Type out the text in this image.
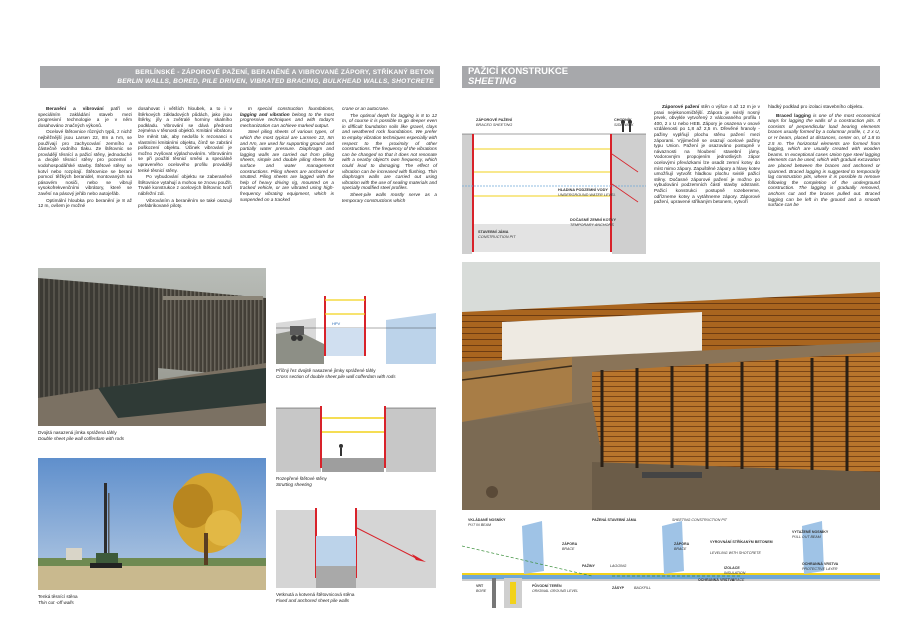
BERLÍNSKÉ - ZÁPOROVÉ PAŽENÍ, BERANĚNÉ A VIBROVANÉ ZÁPORY, STŘÍKANÝ BETON
BERLIN WALLS, BORED, PILE DRIVEN, VIBRATED BRACING, BULKHEAD WALLS, SHOTCRETE
PAŽICÍ KONSTRUKCE
SHEETING

Beranění a vibrování patří ve speciálním zakládání staveb mezi progresivní technologie a je v něm dosahováno značných výkonů.

Ocelové štětovnice různých typů, z nichž nejběžnější jsou Larsen 22, IIIn a IVn, se používají pro zachycování zemního a částečně vodního tlaku. Ze štětovnic se provádějí těsnící a pažicí stěny, jednoduché a dvojité těsnicí stěny pro pozemní i vodohospodářské stavby. Štětové stěny se kotví nebo rozpírají. Štětovnice se beraní pomocí těžkých beranidel, montovaných na pásovém nosiči, nebo se vibrují vysokofrekvenčními vibrátory, které se zavěsí na pásový jeřáb nebo autojeřáb.

Optimální hloubka pro beranění je 8 až 12 m, ovšem je možné

dosahovat i větších hloubek, a to i v štěrkových základových půdách, jako jsou štěrky, jíly a zvětralé horniny skalního podkladu. Vibrování se dává přednost zejména v těsnosti objektů. Kmitání vibrátoru lze měnit tak, aby nedošlo k rezonanci s vlastními kmitáními objektu, čímž se zabrání poškození objektu. Účinek vibrování je možno zvyšovat výplachováním. Vibrováním se při použití těsnicí směsi a speciálně upraveného ocelového profilu provádějí tenké těsnicí stěny.

Po vybudování objektu se zaberaněné štětovnice vytahují a mohou se znovu použít. Trvalé konstrukce z ocelových štětovnic tvoří nábřežní zdi.

Vibrováním a beraněním se také osazují prefabrikované piloty.

In special construction foundations, lagging and vibration belong to the most progressive techniques and with today's mechanization can achieve marked output.

Steel piling sheets of various types, of which the most typical are Larssen 22, IIIn and IVn, are used for supporting ground and partially water pressure. Diaphragm and lagging walls are carried out from piling sheets, simple and double piling sheets for surface and water management constructions. Piling sheets are anchored or strutted. Piling sheets are lagged with the help of heavy driving rig, mounted on a tracked vehicle, or are vibrated using high-frequency vibrating equipment, which is suspended on a tracked

crane or an autocrane.

The optimal depth for lagging is 8 to 12 m, of course it is possible to go deeper even in difficult foundation soils like gravel, clays and weathered rock foundations. We prefer to employ vibration techniques especially with respect to the proximity of other constructions. The frequency of the vibrations can be changed so that it does not resonate with a nearby object's own frequency, which could lead to damaging. The effect of vibration can be increased with flushing. Thin diaphragm walls are carried out using vibration with the use of sealing materials and specially modified steel profiles.

Sheet-pile walls mostly serve as a temporary constructions which

Dvojitá nasazená jímka sprážená táhly
Double sheet pile wall cofferdam with rods
Tenká těsnící stěna
Thin cut -off walls
HPV
Příčný řez dvojitě nasazené jímky sprážené táhly
Cross section of double sheet pile wall cofferdam with rods
Rozepřené štětové stěny
Strutting sheeting
Vetknutá a kotvená štětovnicová stěna
Fixed and anchored sheet pile walls
ZÁPOROVÉ PAŽENÍ
BRACED SHEETING
CHODNÍK
SIDEWALK
HLADINA PODZEMNÍ VODY
UNDERGROUND WATER LEVEL
DOČASNÉ ZEMNÍ KOTVY
TEMPORARY ANCHORS
STAVEBNÍ JÁMA
CONSTRUCTION PIT

Záporové pažení stěn o výšce 4 až 12 m je v praxi nejekonomičtější. Zápora je svislý nosný prvek, obvykle vytvořený z válcovaného profilu I 400, 2 x U nebo HEB. Zápory je osazena v osové vzdálenosti po 1,8 až 2,5 m. Dřevěné hranoly - pažiny vyplňují plochu stěnu pažení mezi záporami. Výjimečně se osazují ocelové pažiny typu Union. Pažení je osazováno postupně v návaznosti na hloubení stavební jámy. Vodorovným propojením jednotlivých zápor ocelovými převázkami lze osadit zemní kotvy do míst mimo zápory. Zapuštěné zápory a hlavy kotev umožňují vytvořit hladkou plochu svislé pažicí stěny. Dočasné záporové pažení je možno po vybudování podzemních částí stavby odstranit. Pažicí konstrukci postupně rozebereme, odřízneme kotvy a vytáhneme zápory. Záporové pažení, upravené stříkaným betonem, vytvoří

hladký podklad pro izolaci stavebního objektu.

Braced lagging is one of the most economical ways for lagging the walls of a construction pits. It consists of perpendicular load bearing elements braces usually formed by a columnar profile, I, 2 x U, or H beam, placed at distances, center on, of 1.8 to 2.5 m. The horizontal elements are formed from lagging, which are usually created with wooden beams. In exceptional cases Union type steel lagging elements can be used, which with gradual excavation are placed between the braces and anchored or spanned. Braced lagging is suggested to temporarily lag construction pits, where it is possible to remove following the completion of the underground construction. The lagging is gradually removed, anchors cut and the braces pulled out. Braced lagging can be left in the ground and a smooth surface can be

VKLÁDANÉ NOSNÍKY
PUT IN BEAM
PAŽENÁ STAVEBNÍ JÁMA	SHEETING CONSTRUCTION PIT
VYTAŽENÉ NOSNÍKY
PULL OUT BEAM
ZÁPORA
BRACE
PAŽINY	LAGGING
VYROVNÁNÍ STŘÍKANÝM BETONEM
LEVELING WITH SHOTCRETE
OCHRANNÁ VRSTVA
PROTECTIVE LAYER
IZOLACE
INSULATION
VRT
BORE
PŮVODNÍ TERÉN
ORIGINAL GROUND LEVEL
ZÁSYP	BACKFILL
ZÁPORA
BRACE
OCHRANNÁ VRSTVA
BRACE
